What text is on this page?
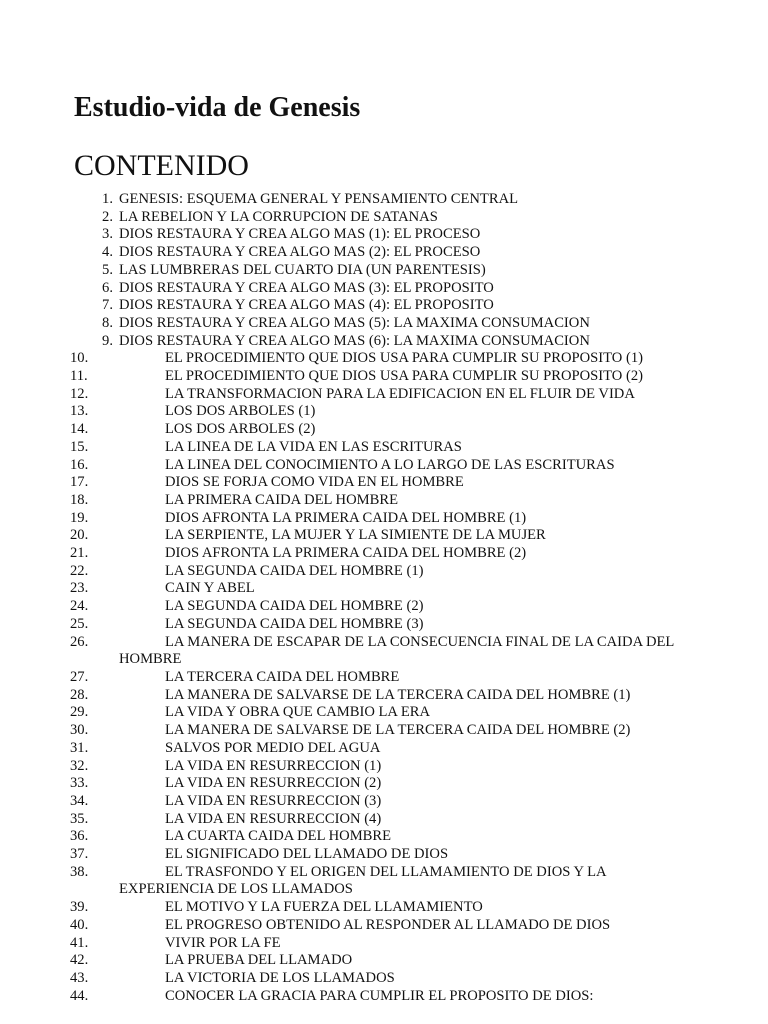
Estudio-vida de Genesis
CONTENIDO
1. GENESIS: ESQUEMA GENERAL Y PENSAMIENTO CENTRAL
2. LA REBELION Y LA CORRUPCION DE SATANAS
3. DIOS RESTAURA Y CREA ALGO MAS (1): EL PROCESO
4. DIOS RESTAURA Y CREA ALGO MAS (2): EL PROCESO
5. LAS LUMBRERAS DEL CUARTO DIA (UN PARENTESIS)
6. DIOS RESTAURA Y CREA ALGO MAS (3): EL PROPOSITO
7. DIOS RESTAURA Y CREA ALGO MAS (4): EL PROPOSITO
8. DIOS RESTAURA Y CREA ALGO MAS (5): LA MAXIMA CONSUMACION
9. DIOS RESTAURA Y CREA ALGO MAS (6): LA MAXIMA CONSUMACION
10.	EL PROCEDIMIENTO QUE DIOS USA PARA CUMPLIR SU PROPOSITO (1)
11.	EL PROCEDIMIENTO QUE DIOS USA PARA CUMPLIR SU PROPOSITO (2)
12.	LA TRANSFORMACION PARA LA EDIFICACION EN EL FLUIR DE VIDA
13.	LOS DOS ARBOLES (1)
14.	LOS DOS ARBOLES (2)
15.	LA LINEA DE LA VIDA EN LAS ESCRITURAS
16.	LA LINEA DEL CONOCIMIENTO A LO LARGO DE LAS ESCRITURAS
17.	DIOS SE FORJA COMO VIDA EN EL HOMBRE
18.	LA PRIMERA CAIDA DEL HOMBRE
19.	DIOS AFRONTA LA PRIMERA CAIDA DEL HOMBRE (1)
20.	LA SERPIENTE, LA MUJER Y LA SIMIENTE DE LA MUJER
21.	DIOS AFRONTA LA PRIMERA CAIDA DEL HOMBRE (2)
22.	LA SEGUNDA CAIDA DEL HOMBRE (1)
23.	CAIN Y ABEL
24.	LA SEGUNDA CAIDA DEL HOMBRE (2)
25.	LA SEGUNDA CAIDA DEL HOMBRE (3)
26.	LA MANERA DE ESCAPAR DE LA CONSECUENCIA FINAL DE LA CAIDA DEL HOMBRE
27.	LA TERCERA CAIDA DEL HOMBRE
28.	LA MANERA DE SALVARSE DE LA TERCERA CAIDA DEL HOMBRE (1)
29.	LA VIDA Y OBRA QUE CAMBIO LA ERA
30.	LA MANERA DE SALVARSE DE LA TERCERA CAIDA DEL HOMBRE (2)
31.	SALVOS POR MEDIO DEL AGUA
32.	LA VIDA EN RESURRECCION (1)
33.	LA VIDA EN RESURRECCION (2)
34.	LA VIDA EN RESURRECCION (3)
35.	LA VIDA EN RESURRECCION (4)
36.	LA CUARTA CAIDA DEL HOMBRE
37.	EL SIGNIFICADO DEL LLAMADO DE DIOS
38.	EL TRASFONDO Y EL ORIGEN DEL LLAMAMIENTO DE DIOS Y LA EXPERIENCIA DE LOS LLAMADOS
39.	EL MOTIVO Y LA FUERZA DEL LLAMAMIENTO
40.	EL PROGRESO OBTENIDO AL RESPONDER AL LLAMADO DE DIOS
41.	VIVIR POR LA FE
42.	LA PRUEBA DEL LLAMADO
43.	LA VICTORIA DE LOS LLAMADOS
44.	CONOCER LA GRACIA PARA CUMPLIR EL PROPOSITO DE DIOS:
